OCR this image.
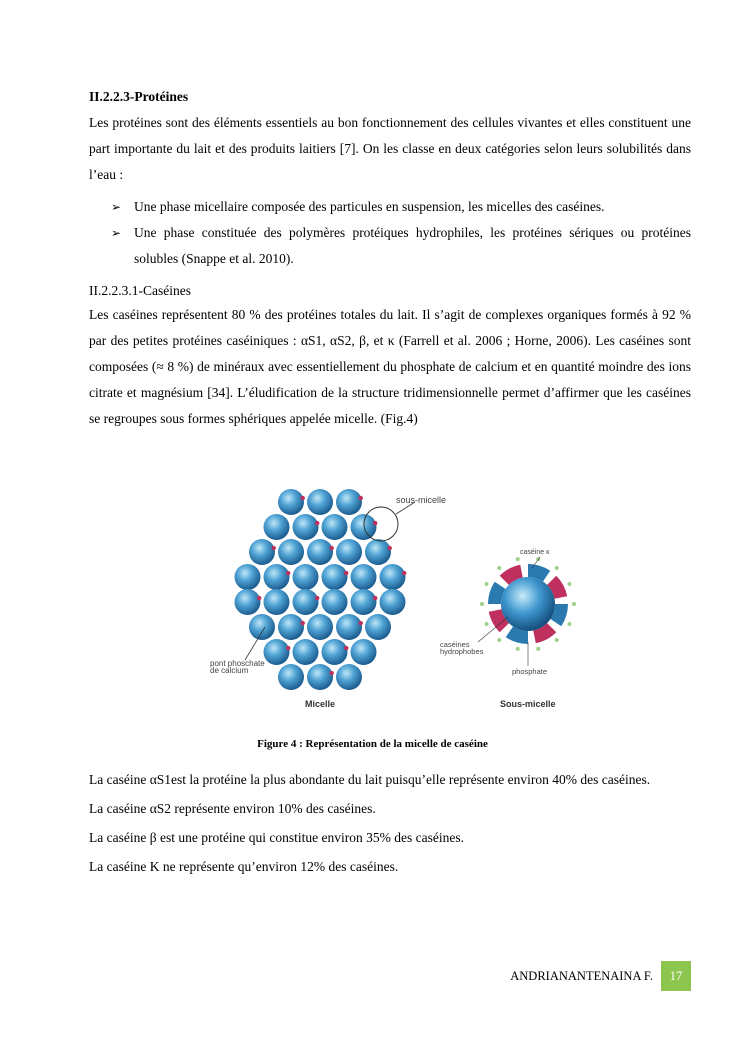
II.2.2.3-Protéines

Les protéines sont des éléments essentiels au bon fonctionnement des cellules vivantes et elles constituent une part importante du lait et des produits laitiers [7]. On les classe en deux catégories selon leurs solubilités dans l’eau :

➢ Une phase micellaire composée des particules en suspension, les micelles des caséines.
➢ Une phase constituée des polymères protéiques hydrophiles, les protéines sériques ou protéines solubles (Snappe et al. 2010).

II.2.2.3.1-Caséines

Les caséines représentent 80 % des protéines totales du lait. Il s’agit de complexes organiques formés à 92 % par des petites protéines caséiniques : αS1, αS2, β, et κ (Farrell et al. 2006 ; Horne, 2006). Les caséines sont composées (≈ 8 %) de minéraux avec essentiellement du phosphate de calcium et en quantité moindre des ions citrate et magnésium [34]. L’éludification de la structure tridimensionnelle permet d’affirmer que les caséines se regroupes sous formes sphériques appelée micelle. (Fig.4)

sous-micelle
pont phoschate
de calcium
Micelle
caséine κ
caséines
hydrophobes
phosphate
Sous-micelle
Figure 4 : Représentation de la micelle de caséine

La caséine αS1est la protéine la plus abondante du lait puisqu’elle représente environ 40% des caséines.

La caséine αS2 représente environ 10% des caséines.

La caséine β est une protéine qui constitue environ 35% des caséines.

La caséine K ne représente qu’environ 12% des caséines.

ANDRIANANTENAINA F.	17
